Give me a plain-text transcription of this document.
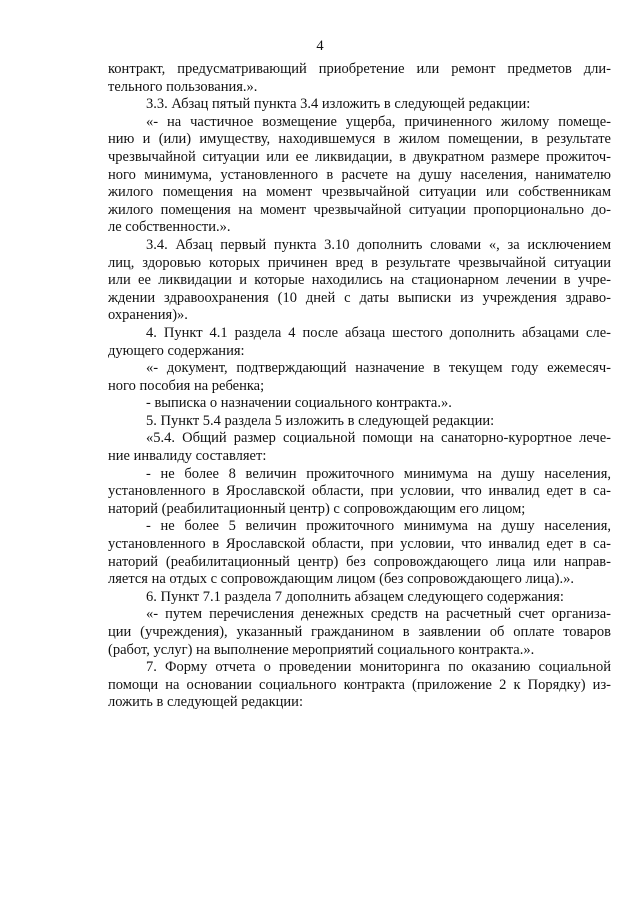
4

контракт, предусматривающий приобретение или ремонт предметов дли-
тельного пользования.».

3.3. Абзац пятый пункта 3.4 изложить в следующей редакции:

«- на частичное возмещение ущерба, причиненного жилому помеще-
нию и (или) имуществу, находившемуся в жилом помещении, в результате
чрезвычайной ситуации или ее ликвидации, в двукратном размере прожиточ-
ного минимума, установленного в расчете на душу населения, нанимателю
жилого помещения на момент чрезвычайной ситуации или собственникам
жилого помещения на момент чрезвычайной ситуации пропорционально до-
ле собственности.».

3.4. Абзац первый пункта 3.10 дополнить словами «, за исключением
лиц, здоровью которых причинен вред в результате чрезвычайной ситуации
или ее ликвидации и которые находились на стационарном лечении в учре-
ждении здравоохранения (10 дней с даты выписки из учреждения здраво-
охранения)».

4. Пункт 4.1 раздела 4 после абзаца шестого дополнить абзацами сле-
дующего содержания:

«- документ, подтверждающий назначение в текущем году ежемесяч-
ного пособия на ребенка;

- выписка о назначении социального контракта.».

5. Пункт 5.4 раздела 5 изложить в следующей редакции:

«5.4. Общий размер социальной помощи на санаторно-курортное лече-
ние инвалиду составляет:

- не более 8 величин прожиточного минимума на душу населения,
установленного в Ярославской области, при условии, что инвалид едет в са-
наторий (реабилитационный центр) с сопровождающим его лицом;

- не более 5 величин прожиточного минимума на душу населения,
установленного в Ярославской области, при условии, что инвалид едет в са-
наторий (реабилитационный центр) без сопровождающего лица или направ-
ляется на отдых с сопровождающим лицом (без сопровождающего лица).».

6. Пункт 7.1 раздела 7 дополнить абзацем следующего содержания:

«- путем перечисления денежных средств на расчетный счет организа-
ции (учреждения), указанный гражданином в заявлении об оплате товаров
(работ, услуг) на выполнение мероприятий социального контракта.».

7. Форму отчета о проведении мониторинга по оказанию социальной
помощи на основании социального контракта (приложение 2 к Порядку) из-
ложить в следующей редакции:
